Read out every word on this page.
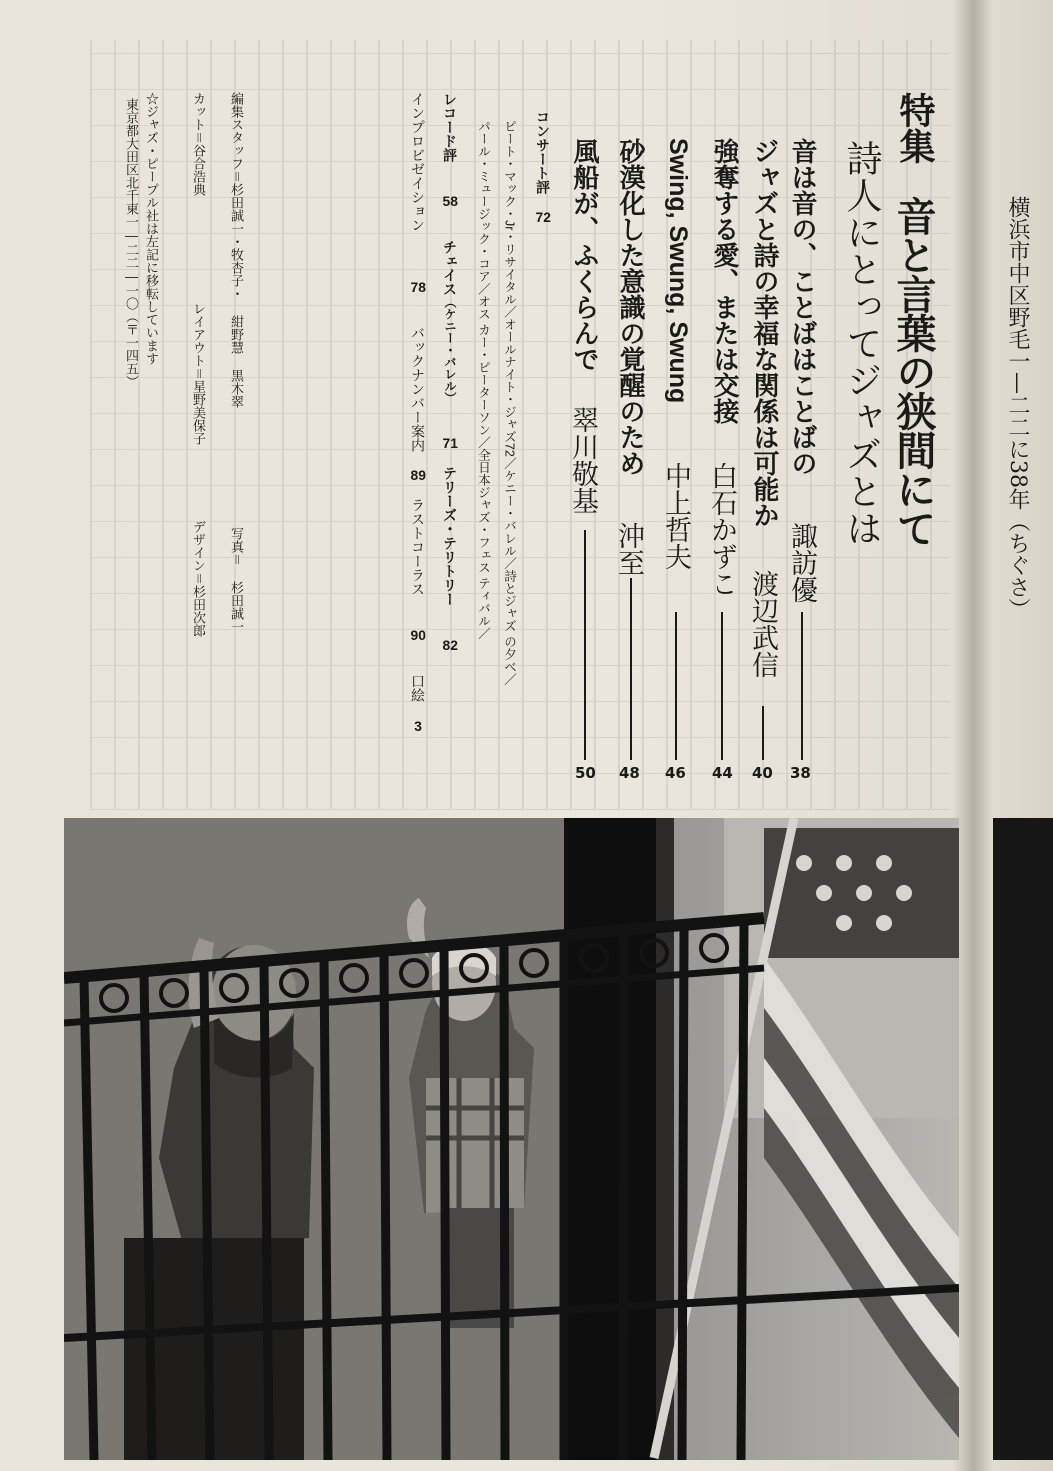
特集
音と言葉の狭間にて
詩人にとってジャズとは
音は音の、ことばはことばの
諏訪優
38
ジャズと詩の幸福な関係は可能か
渡辺武信
40
強奪する愛、または交接
白石かずこ
44
Swing, Swung, Swung
中上哲夫
46
砂漠化した意識の覚醒のため
沖至
48
風船が、ふくらんで
翠川敬基
50
コンサート評 72
ピート・マック・Jr・リサイタル／オールナイト・ジャズ72／ケニー・バレル／詩とジャズ の夕べ／
パール・ミュージック・コア／オス カー・ピーターソン／全日本ジャズ・フェス ティバル／
レコード評  58  チェイス（ケニー・バレル）  71 テリーズ・テリトリー  82
インプロビゼイション   78  バックナンバー案内 89 ラストコーラス  90  口絵 3
編集スタッフ＝杉田誠一・牧杏子・ 紺野慧 黒木翠
写真＝ 杉田誠一
カット＝谷合浩典
レイアウト＝星野美保子
デザイン＝杉田次郎
☆ジャズ・ピープル社は左記に移転しています
東京都大田区北千東一—二二—一〇（〒一四五）	横浜市中区野毛一—二二に38年（ちぐさ）
